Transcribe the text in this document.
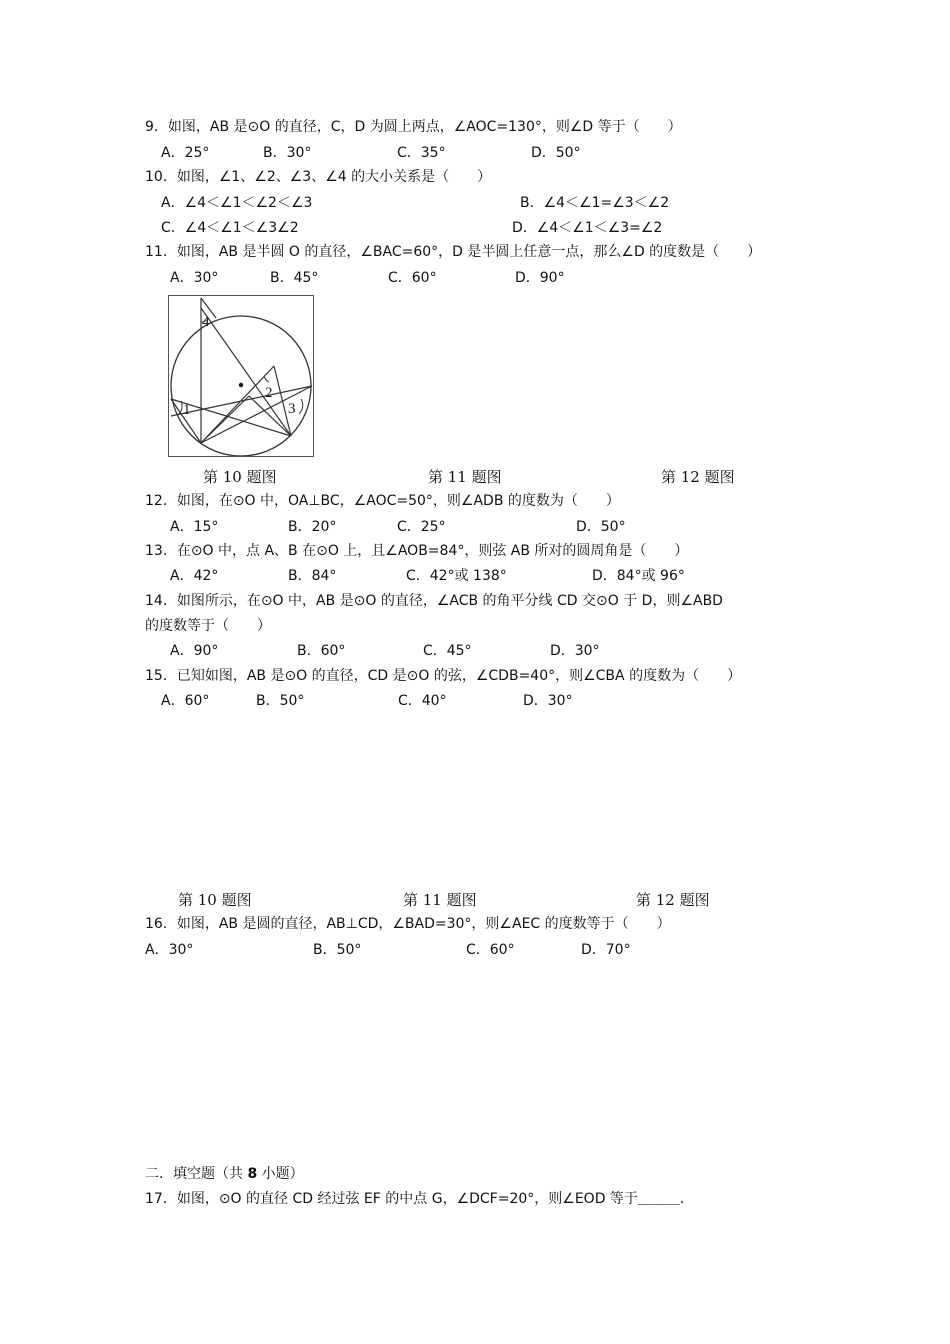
9．如图，AB 是⊙O 的直径，C，D 为圆上两点，∠AOC=130°，则∠D 等于（　　）
A．25°	B．30°	C．35°	D．50°
10．如图，∠1、∠2、∠3、∠4 的大小关系是（　　）
A．∠4＜∠1＜∠2＜∠3	B．∠4＜∠1=∠3＜∠2
C．∠4＜∠1＜∠3∠2	D．∠4＜∠1＜∠3=∠2
11．如图，AB 是半圆 O 的直径，∠BAC=60°，D 是半圆上任意一点，那么∠D 的度数是（　　）
A．30°	B．45°	C．60°	D．90°
4
1
2
3
第 10 题图	第 11 题图	第 12 题图
12．如图，在⊙O 中，OA⊥BC，∠AOC=50°，则∠ADB 的度数为（　　）
A．15°	B．20°	C．25°	D．50°
13．在⊙O 中，点 A、B 在⊙O 上，且∠AOB=84°，则弦 AB 所对的圆周角是（　　）
A．42°	B．84°	C．42°或 138°	D．84°或 96°
14．如图所示，在⊙O 中，AB 是⊙O 的直径，∠ACB 的角平分线 CD 交⊙O 于 D，则∠ABD
的度数等于（　　）
A．90°	B．60°	C．45°	D．30°
15．已知如图，AB 是⊙O 的直径，CD 是⊙O 的弦，∠CDB=40°，则∠CBA 的度数为（　　）
A．60°	B．50°	C．40°	D．30°
第 10 题图	第 11 题图	第 12 题图
16．如图，AB 是圆的直径，AB⊥CD，∠BAD=30°，则∠AEC 的度数等于（　　）
A．30°	B．50°	C．60°	D．70°
二．填空题（共 8 小题）
17．如图，⊙O 的直径 CD 经过弦 EF 的中点 G，∠DCF=20°，则∠EOD 等于＿＿＿．
